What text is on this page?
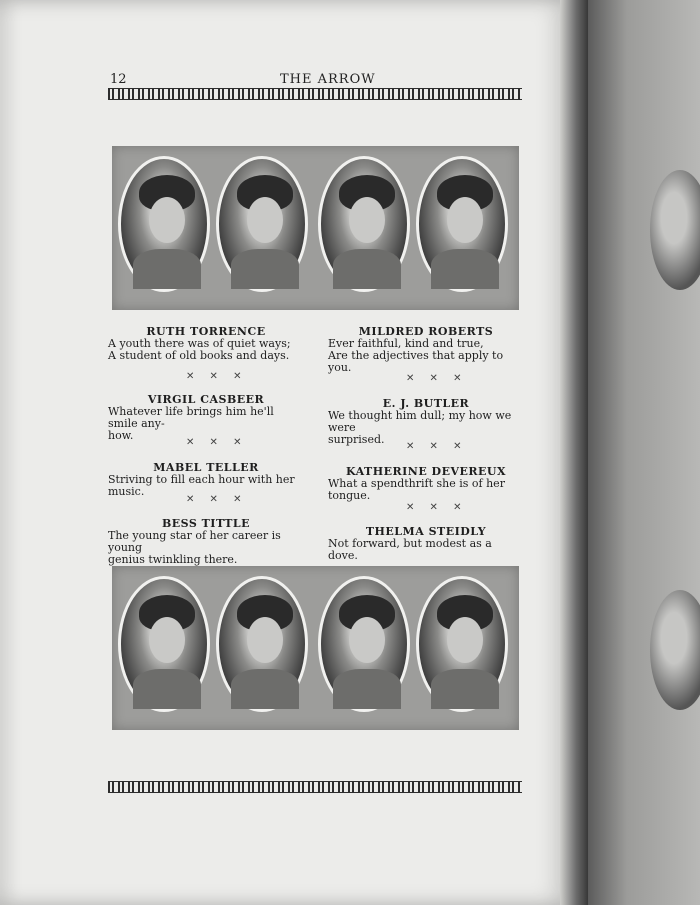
12	THE ARROW
RUTH TORRENCE
A youth there was of quiet ways;
A student of old books and days.
✕ ✕ ✕
VIRGIL CASBEER
Whatever life brings him he'll smile any-
how.
✕ ✕ ✕
MABEL TELLER
Striving to fill each hour with her music.
✕ ✕ ✕
BESS TITTLE
The young star of her career is young
genius twinkling there.
MILDRED ROBERTS
Ever faithful, kind and true,
Are the adjectives that apply to you.
✕ ✕ ✕
E. J. BUTLER
We thought him dull; my how we were
surprised.
✕ ✕ ✕
KATHERINE DEVEREUX
What a spendthrift she is of her tongue.
✕ ✕ ✕
THELMA STEIDLY
Not forward, but modest as a dove.
